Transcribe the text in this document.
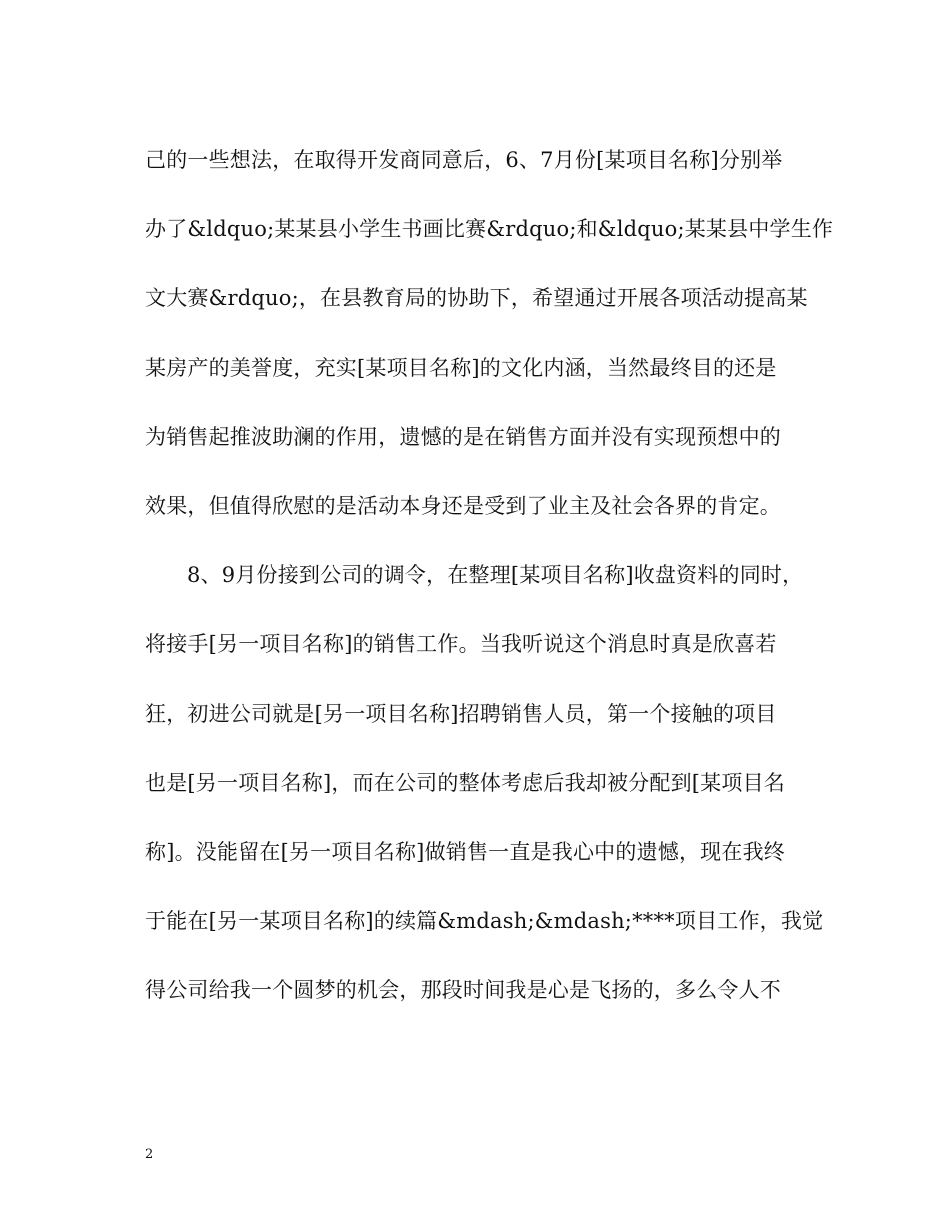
己的一些想法，在取得开发商同意后，6、7月份[某项目名称]分别举
办了&ldquo;某某县小学生书画比赛&rdquo;和&ldquo;某某县中学生作
文大赛&rdquo;，在县教育局的协助下，希望通过开展各项活动提高某
某房产的美誉度，充实[某项目名称]的文化内涵，当然最终目的还是
为销售起推波助澜的作用，遗憾的是在销售方面并没有实现预想中的
效果，但值得欣慰的是活动本身还是受到了业主及社会各界的肯定。
8、9月份接到公司的调令，在整理[某项目名称]收盘资料的同时，
将接手[另一项目名称]的销售工作。当我听说这个消息时真是欣喜若
狂，初进公司就是[另一项目名称]招聘销售人员，第一个接触的项目
也是[另一项目名称]，而在公司的整体考虑后我却被分配到[某项目名
称]。没能留在[另一项目名称]做销售一直是我心中的遗憾，现在我终
于能在[另一某项目名称]的续篇&mdash;&mdash;****项目工作，我觉
得公司给我一个圆梦的机会，那段时间我是心是飞扬的，多么令人不
2
